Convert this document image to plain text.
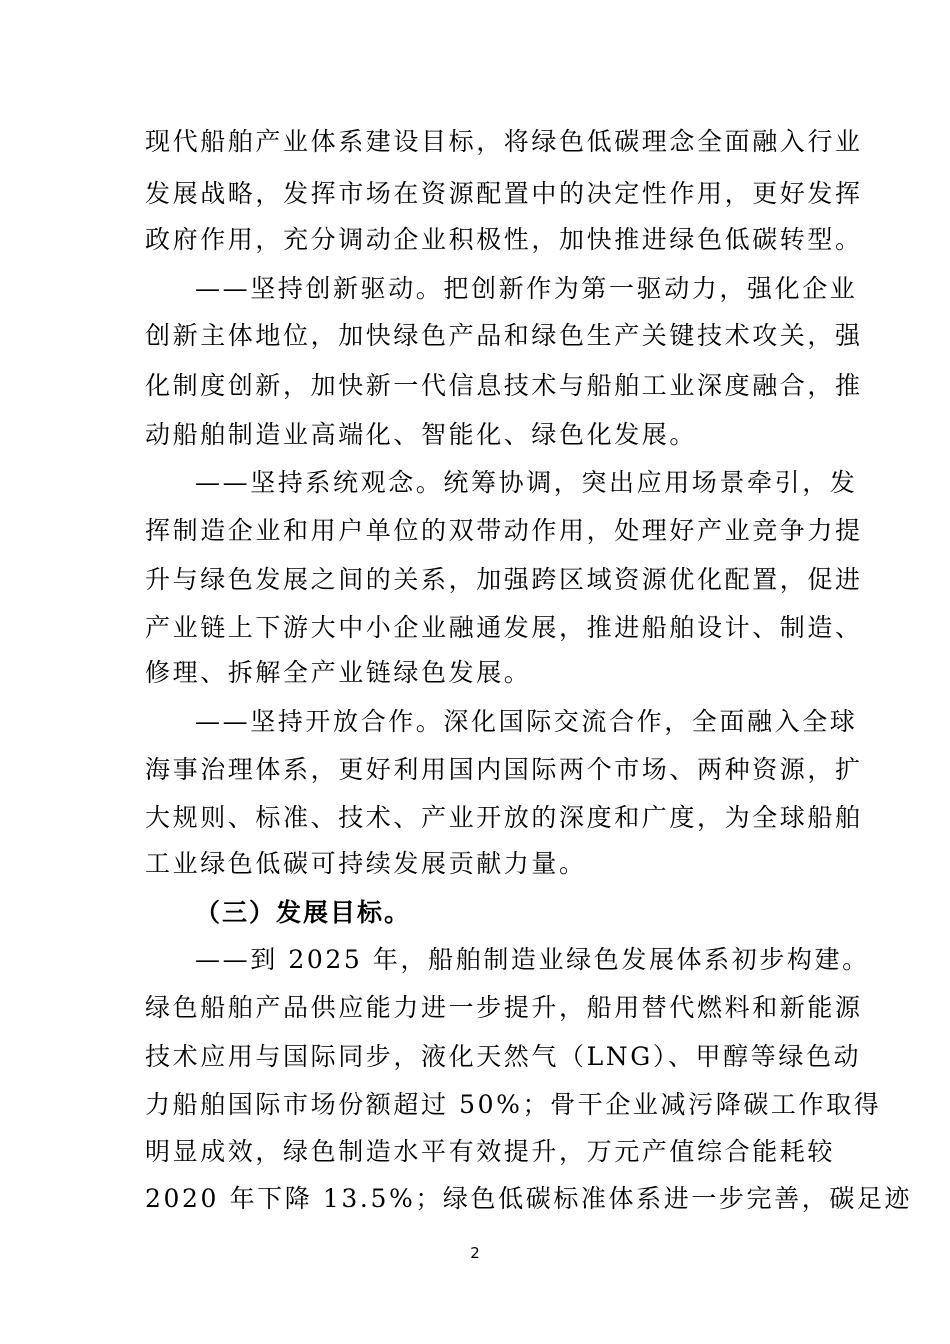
现代船舶产业体系建设目标，将绿色低碳理念全面融入行业
发展战略，发挥市场在资源配置中的决定性作用，更好发挥
政府作用，充分调动企业积极性，加快推进绿色低碳转型。
——坚持创新驱动。把创新作为第一驱动力，强化企业
创新主体地位，加快绿色产品和绿色生产关键技术攻关，强
化制度创新，加快新一代信息技术与船舶工业深度融合，推
动船舶制造业高端化、智能化、绿色化发展。
——坚持系统观念。统筹协调，突出应用场景牵引，发
挥制造企业和用户单位的双带动作用，处理好产业竞争力提
升与绿色发展之间的关系，加强跨区域资源优化配置，促进
产业链上下游大中小企业融通发展，推进船舶设计、制造、
修理、拆解全产业链绿色发展。
——坚持开放合作。深化国际交流合作，全面融入全球
海事治理体系，更好利用国内国际两个市场、两种资源，扩
大规则、标准、技术、产业开放的深度和广度，为全球船舶
工业绿色低碳可持续发展贡献力量。
（三）发展目标。
——到 2025 年，船舶制造业绿色发展体系初步构建。
绿色船舶产品供应能力进一步提升，船用替代燃料和新能源
技术应用与国际同步，液化天然气（LNG）、甲醇等绿色动
力船舶国际市场份额超过 50%；骨干企业减污降碳工作取得
明显成效，绿色制造水平有效提升，万元产值综合能耗较
2020 年下降 13.5%；绿色低碳标准体系进一步完善，碳足迹
2
